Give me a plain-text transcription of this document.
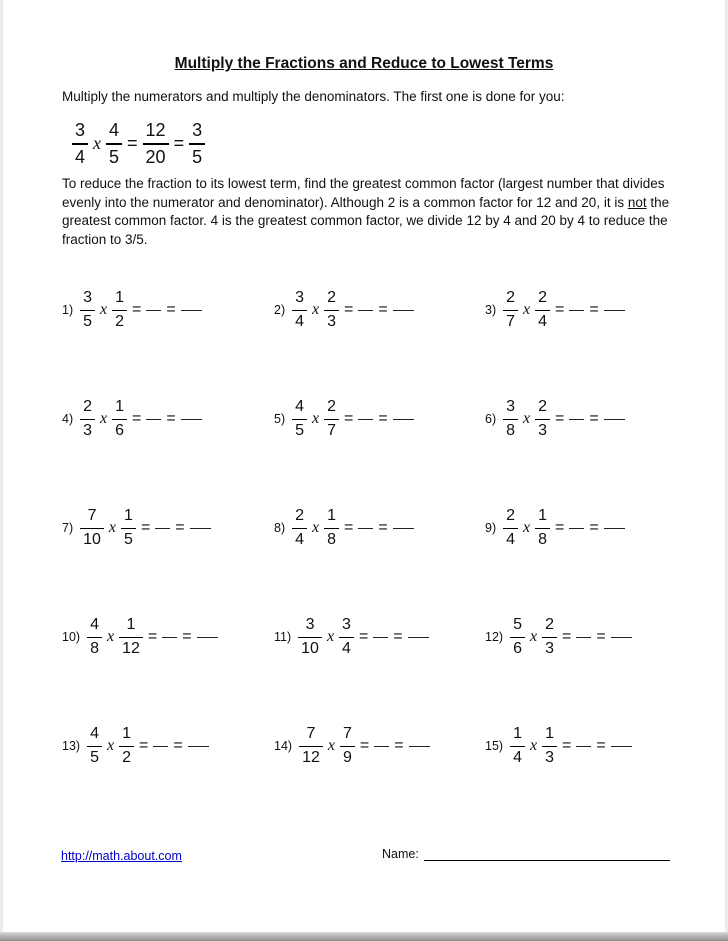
Multiply the Fractions and Reduce to Lowest Terms

Multiply the numerators and multiply the denominators. The first one is done for you:

$\frac{3}{4}$ x $\frac{4}{5} = \frac{12}{20} = \frac{3}{5}$

To reduce the fraction to its lowest term, find the greatest common factor (largest number that divides evenly into the numerator and denominator). Although 2 is a common factor for 12 and 20, it is not the greatest common factor. 4 is the greatest common factor, we divide 12 by 4 and 20 by 4 to reduce the fraction to 3/5.

$1) \frac{3}{5}$ x $\frac{1}{2}$ = =	$2) \frac{3}{4}$ x $\frac{2}{3}$ = =	$3) \frac{2}{7}$ x $\frac{2}{4}$ = =
$4) \frac{2}{3}$ x $\frac{1}{6}$ = =	$5) \frac{4}{5}$ x $\frac{2}{7}$ = =	$6) \frac{3}{8}$ x $\frac{2}{3}$ = =
$7) \frac{7}{10}$ x $\frac{1}{5}$ = =	$8) \frac{2}{4}$ x $\frac{1}{8}$ = =	$9) \frac{2}{4}$ x $\frac{1}{8}$ = =
$10) \frac{4}{8}$ x $\frac{1}{12}$ = =	$11) \frac{3}{10}$ x $\frac{3}{4}$ = =	$12) \frac{5}{6}$ x $\frac{2}{3}$ = =
$13) \frac{4}{5}$ x $\frac{1}{2}$ = =	$14) \frac{7}{12}$ x $\frac{7}{9}$ = =	$15) \frac{1}{4}$ x $\frac{1}{3}$ = =
http://math.about.com	Name:
